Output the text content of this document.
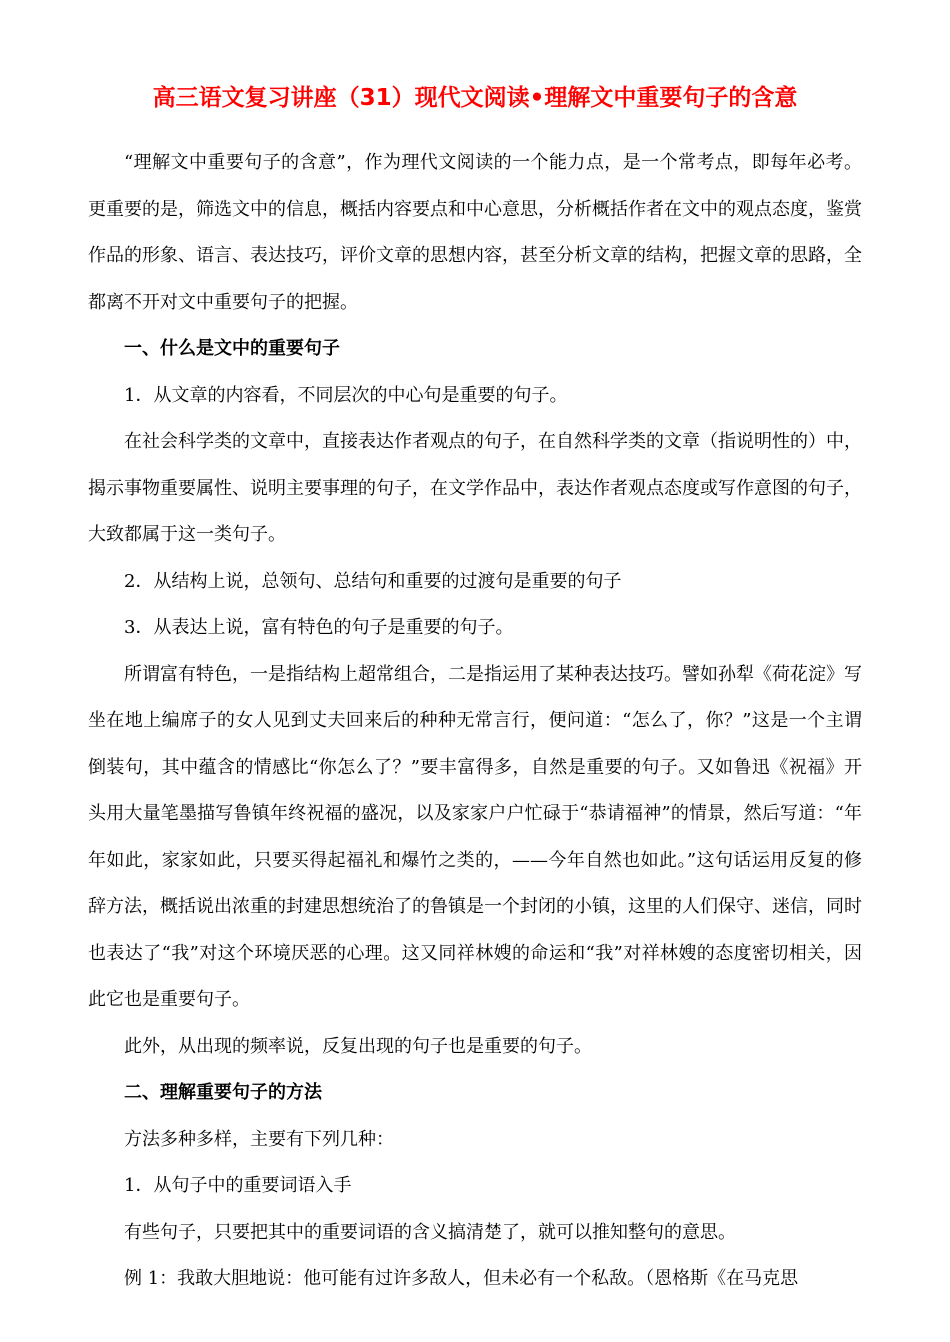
高三语文复习讲座（31）现代文阅读•理解文中重要句子的含意

“理解文中重要句子的含意”，作为理代文阅读的一个能力点，是一个常考点，即每年必考。更重要的是，筛选文中的信息，概括内容要点和中心意思，分析概括作者在文中的观点态度，鉴赏作品的形象、语言、表达技巧，评价文章的思想内容，甚至分析文章的结构，把握文章的思路，全都离不开对文中重要句子的把握。

一、什么是文中的重要句子

1．从文章的内容看，不同层次的中心句是重要的句子。

在社会科学类的文章中，直接表达作者观点的句子，在自然科学类的文章（指说明性的）中，揭示事物重要属性、说明主要事理的句子，在文学作品中，表达作者观点态度或写作意图的句子，大致都属于这一类句子。

2．从结构上说，总领句、总结句和重要的过渡句是重要的句子

3．从表达上说，富有特色的句子是重要的句子。

所谓富有特色，一是指结构上超常组合，二是指运用了某种表达技巧。譬如孙犁《荷花淀》写坐在地上编席子的女人见到丈夫回来后的种种无常言行，便问道：“怎么了，你？”这是一个主谓倒装句，其中蕴含的情感比“你怎么了？”要丰富得多，自然是重要的句子。又如鲁迅《祝福》开头用大量笔墨描写鲁镇年终祝福的盛况，以及家家户户忙碌于“恭请福神”的情景，然后写道：“年年如此，家家如此，只要买得起福礼和爆竹之类的，——今年自然也如此。”这句话运用反复的修辞方法，概括说出浓重的封建思想统治了的鲁镇是一个封闭的小镇，这里的人们保守、迷信，同时也表达了“我”对这个环境厌恶的心理。这又同祥林嫂的命运和“我”对祥林嫂的态度密切相关，因此它也是重要句子。

此外，从出现的频率说，反复出现的句子也是重要的句子。

二、理解重要句子的方法

方法多种多样，主要有下列几种：

1．从句子中的重要词语入手

有些句子，只要把其中的重要词语的含义搞清楚了，就可以推知整句的意思。

例 1：我敢大胆地说：他可能有过许多敌人，但未必有一个私敌。（恩格斯《在马克思
